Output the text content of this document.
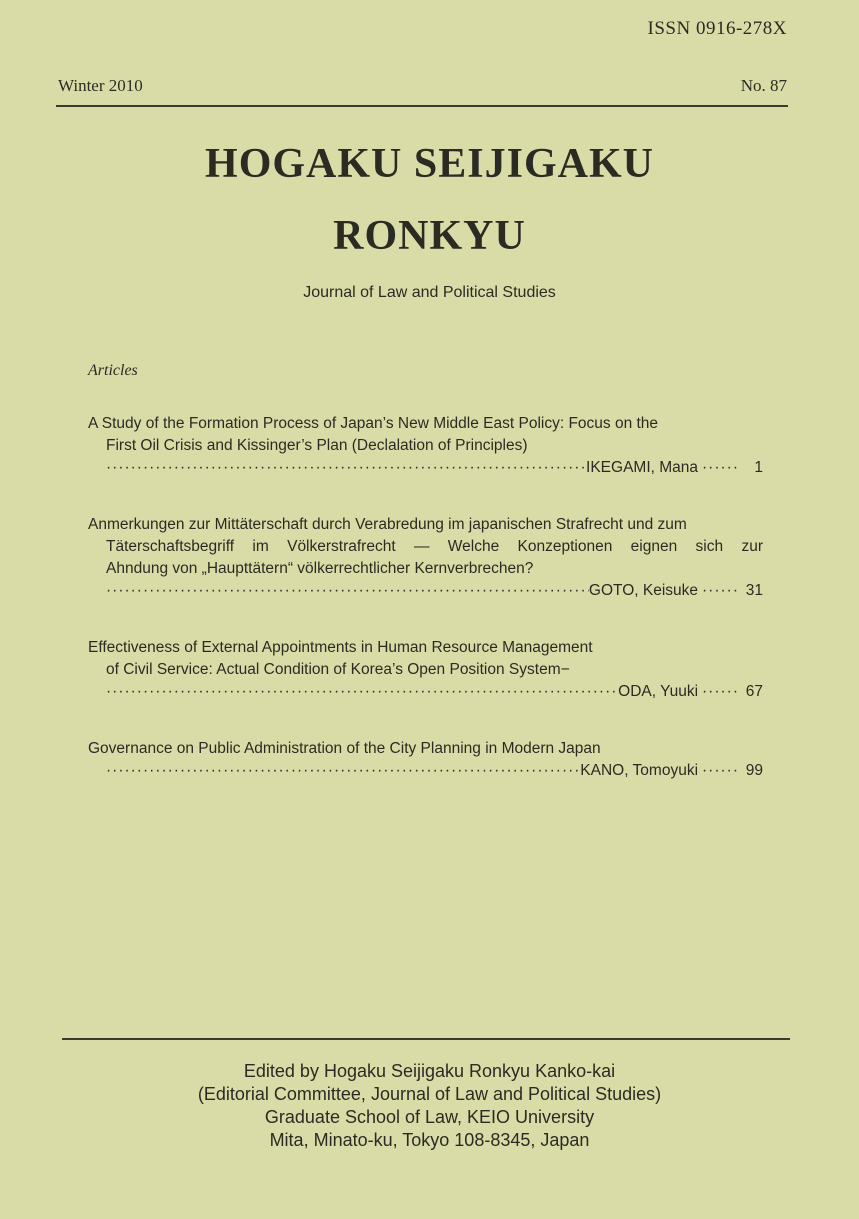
ISSN 0916-278X
Winter 2010	No. 87
HOGAKU SEIJIGAKU
RONKYU
Journal of Law and Political Studies
Articles
A Study of the Formation Process of Japan’s New Middle East Policy: Focus on the
First Oil Crisis and Kissinger’s Plan (Declalation of Principles)
·····
IKEGAMI, Mana ······ 1
Anmerkungen zur Mittäterschaft durch Verabredung im japanischen Strafrecht und zum
Täterschaftsbegriff im Völkerstrafrecht — Welche Konzeptionen eignen sich zur
Ahndung von „Haupttätern“ völkerrechtlicher Kernverbrechen?
·····
GOTO, Keisuke ······ 31
Effectiveness of External Appointments in Human Resource Management
of Civil Service: Actual Condition of Korea’s Open Position System−
·····
ODA, Yuuki ······ 67
Governance on Public Administration of the City Planning in Modern Japan
·····
KANO, Tomoyuki ······ 99
Edited by Hogaku Seijigaku Ronkyu Kanko-kai
(Editorial Committee, Journal of Law and Political Studies)
Graduate School of Law, KEIO University
Mita, Minato-ku, Tokyo 108-8345, Japan
